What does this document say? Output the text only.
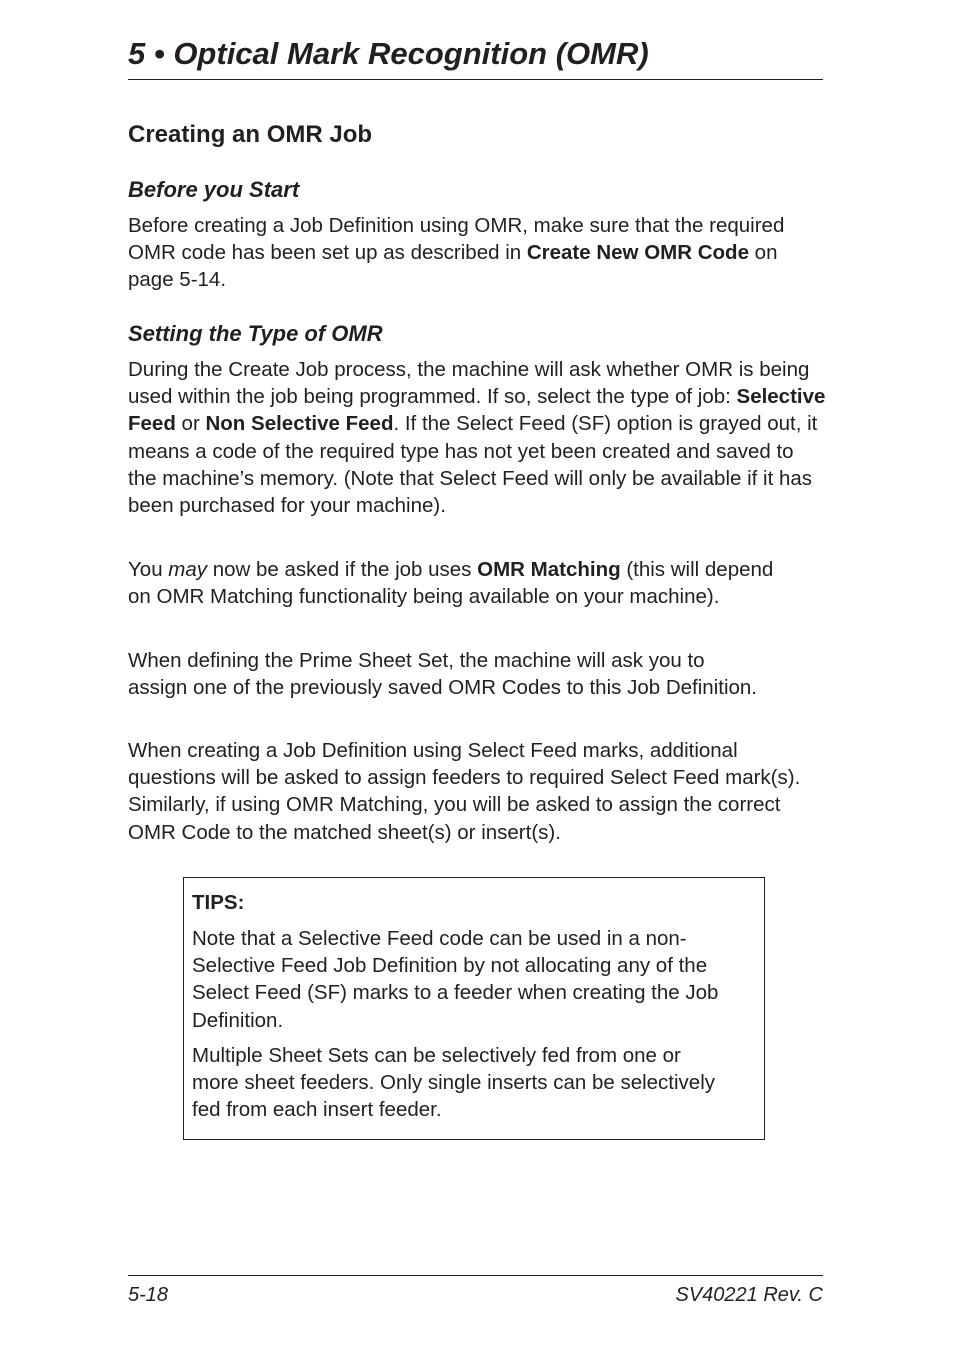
5 • Optical Mark Recognition (OMR)
Creating an OMR Job
Before you Start

Before creating a Job Definition using OMR, make sure that the required OMR code has been set up as described in Create New OMR Code on page 5-14.

Setting the Type of OMR

During the Create Job process, the machine will ask whether OMR is being used within the job being programmed. If so, select the type of job: Selective Feed or Non Selective Feed. If the Select Feed (SF) option is grayed out, it means a code of the required type has not yet been created and saved to the machine’s memory. (Note that Select Feed will only be available if it has been purchased for your machine).

You may now be asked if the job uses OMR Matching (this will depend on OMR Matching functionality being available on your machine).

When defining the Prime Sheet Set, the machine will ask you to assign one of the previously saved OMR Codes to this Job Definition.

When creating a Job Definition using Select Feed marks, additional questions will be asked to assign feeders to required Select Feed mark(s). Similarly, if using OMR Matching, you will be asked to assign the correct OMR Code to the matched sheet(s) or insert(s).

TIPS:

Note that a Selective Feed code can be used in a non-Selective Feed Job Definition by not allocating any of the Select Feed (SF) marks to a feeder when creating the Job Definition.

Multiple Sheet Sets can be selectively fed from one or more sheet feeders. Only single inserts can be selectively fed from each insert feeder.

5-18	SV40221 Rev. C
